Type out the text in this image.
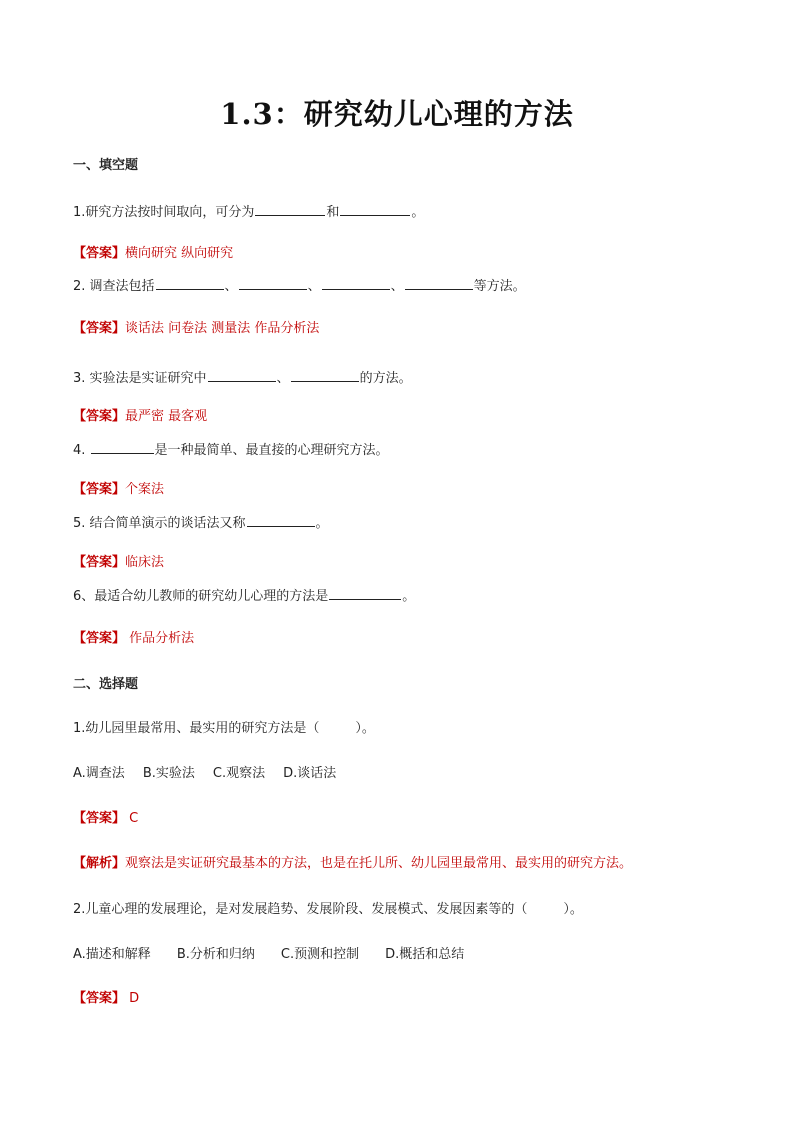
1.3：研究幼儿心理的方法
一、填空题
1.研究方法按时间取向，可分为	和	。
【答案】横向研究 纵向研究
2. 调查法包括	、	、	、	等方法。
【答案】谈话法 问卷法 测量法 作品分析法
3. 实验法是实证研究中	、	的方法。
【答案】最严密 最客观
4.	是一种最简单、最直接的心理研究方法。
【答案】个案法
5. 结合简单演示的谈话法又称	。
【答案】临床法
6、最适合幼儿教师的研究幼儿心理的方法是	。
【答案】 作品分析法
二、选择题
1.幼儿园里最常用、最实用的研究方法是（	）。
A.调查法 B.实验法 C.观察法 D.谈话法
【答案】 C
【解析】观察法是实证研究最基本的方法，也是在托儿所、幼儿园里最常用、最实用的研究方法。
2.儿童心理的发展理论，是对发展趋势、发展阶段、发展模式、发展因素等的（	）。
A.描述和解释 B.分析和归纳 C.预测和控制 D.概括和总结
【答案】 D
